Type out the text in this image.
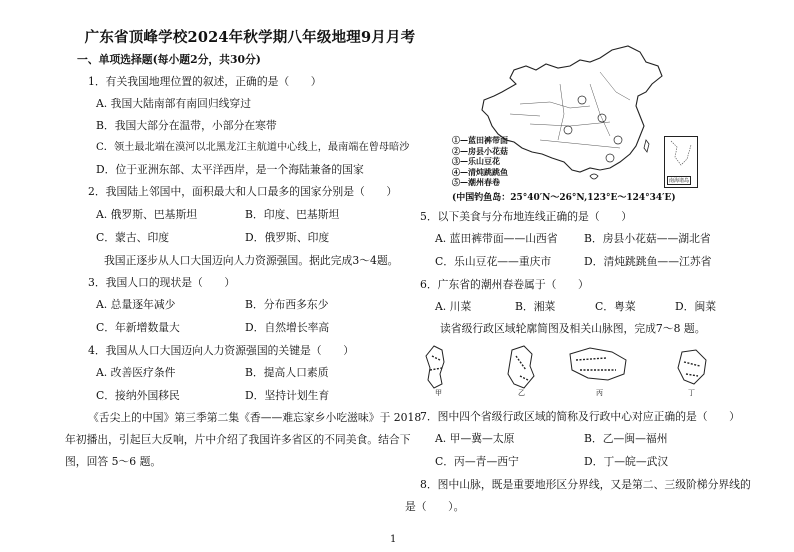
广东省顶峰学校2024年秋学期八年级地理9月月考
一、单项选择题(每小题2分，共30分)
1．有关我国地理位置的叙述，正确的是（　　）
A. 我国大陆南部有南回归线穿过
B．我国大部分在温带，小部分在寒带
C．领土最北端在漠河以北黑龙江主航道中心线上，最南端在曾母暗沙
D．位于亚洲东部、太平洋西岸，是一个海陆兼备的国家
2．我国陆上邻国中，面积最大和人口最多的国家分别是（　　）
A. 俄罗斯、巴基斯坦	B．印度、巴基斯坦
C．蒙古、印度	D．俄罗斯、印度
我国正逐步从人口大国迈向人力资源强国。据此完成3～4题。
3．我国人口的现状是（　　）
A. 总量逐年减少	B．分布西多东少
C．年新增数量大	D．自然增长率高
4．我国从人口大国迈向人力资源强国的关键是（　　）
A. 改善医疗条件	B．提高人口素质
C．接纳外国移民	D．坚持计划生育
《舌尖上的中国》第三季第二集《香——难忘家乡小吃滋味》于 2018
年初播出，引起巨大反响，片中介绍了我国许多省区的不同美食。结合下
图，回答 5～6 题。
南海诸岛
①—蓝田裤带面
②—房县小花菇
③—乐山豆花
④—清炖跳跳鱼
⑤—潮州春卷
(中国钓鱼岛：25°40′N～26°N,123°E～124°34′E)
5．以下美食与分布地连线正确的是（　　）
A. 蓝田裤带面——山西省 B．房县小花菇——湖北省
C．乐山豆花——重庆市	D．清炖跳跳鱼——江苏省
6．广东省的潮州春卷属于（　　）
A. 川菜	B．湘菜	C．粤菜	D．闽菜
读省级行政区域轮廓简图及相关山脉图，完成7～8 题。
甲	乙	丙	丁
7．图中四个省级行政区域的简称及行政中心对应正确的是（　　）
A. 甲—冀—太原	B．乙—闽—福州
C．丙—青—西宁	D．丁—皖—武汉
8．图中山脉，既是重要地形区分界线，又是第二、三级阶梯分界线的
是（　　）。
1
